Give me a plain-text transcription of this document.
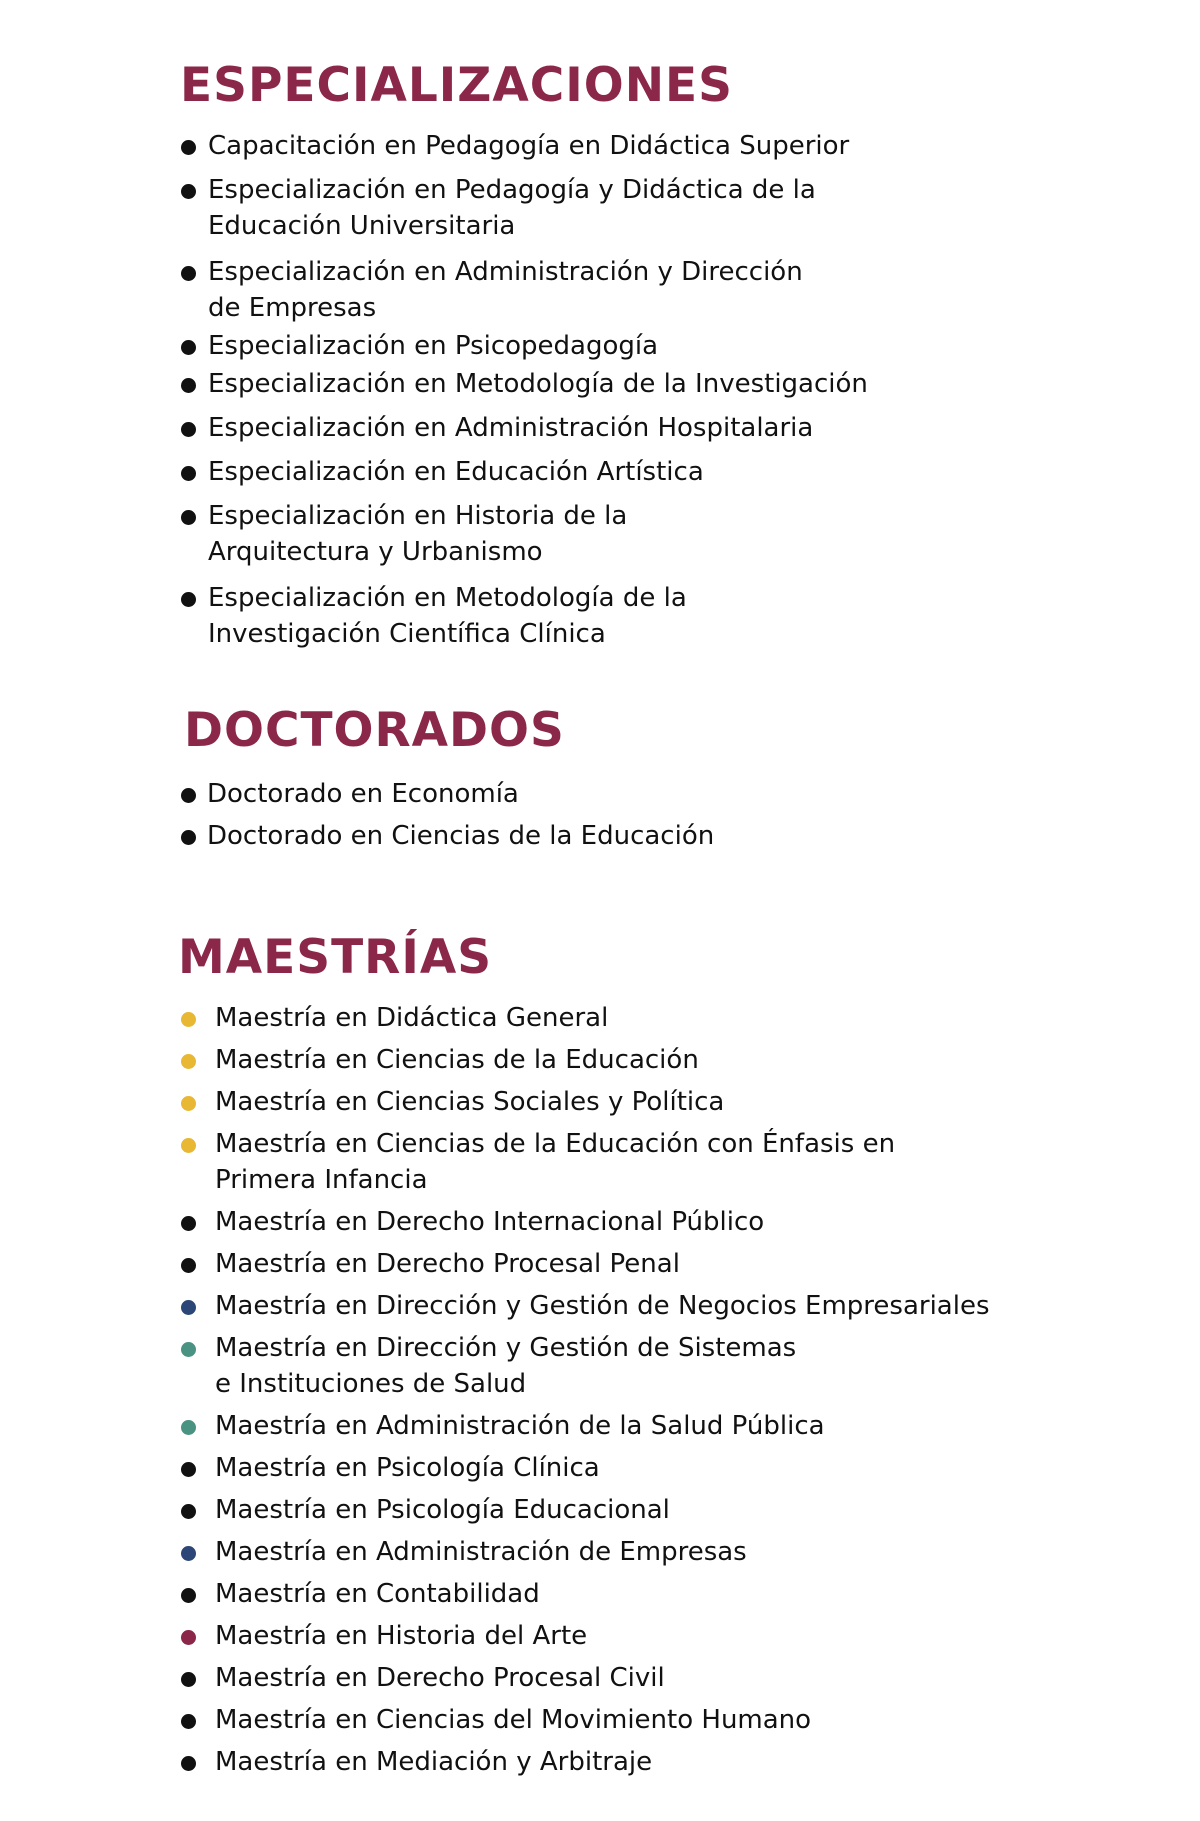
ESPECIALIZACIONES
Capacitación en Pedagogía en Didáctica Superior
Especialización en Pedagogía y Didáctica de la
Educación Universitaria
Especialización en Administración y Dirección
de Empresas
Especialización en Psicopedagogía
Especialización en Metodología de la Investigación
Especialización en Administración Hospitalaria
Especialización en Educación Artística
Especialización en Historia de la
Arquitectura y Urbanismo
Especialización en Metodología de la
Investigación Científica Clínica
DOCTORADOS
Doctorado en Economía
Doctorado en Ciencias de la Educación
MAESTRÍAS
Maestría en Didáctica General
Maestría en Ciencias de la Educación
Maestría en Ciencias Sociales y Política
Maestría en Ciencias de la Educación con Énfasis en
Primera Infancia
Maestría en Derecho Internacional Público
Maestría en Derecho Procesal Penal
Maestría en Dirección y Gestión de Negocios Empresariales
Maestría en Dirección y Gestión de Sistemas
e Instituciones de Salud
Maestría en Administración de la Salud Pública
Maestría en Psicología Clínica
Maestría en Psicología Educacional
Maestría en Administración de Empresas
Maestría en Contabilidad
Maestría en Historia del Arte
Maestría en Derecho Procesal Civil
Maestría en Ciencias del Movimiento Humano
Maestría en Mediación y Arbitraje
